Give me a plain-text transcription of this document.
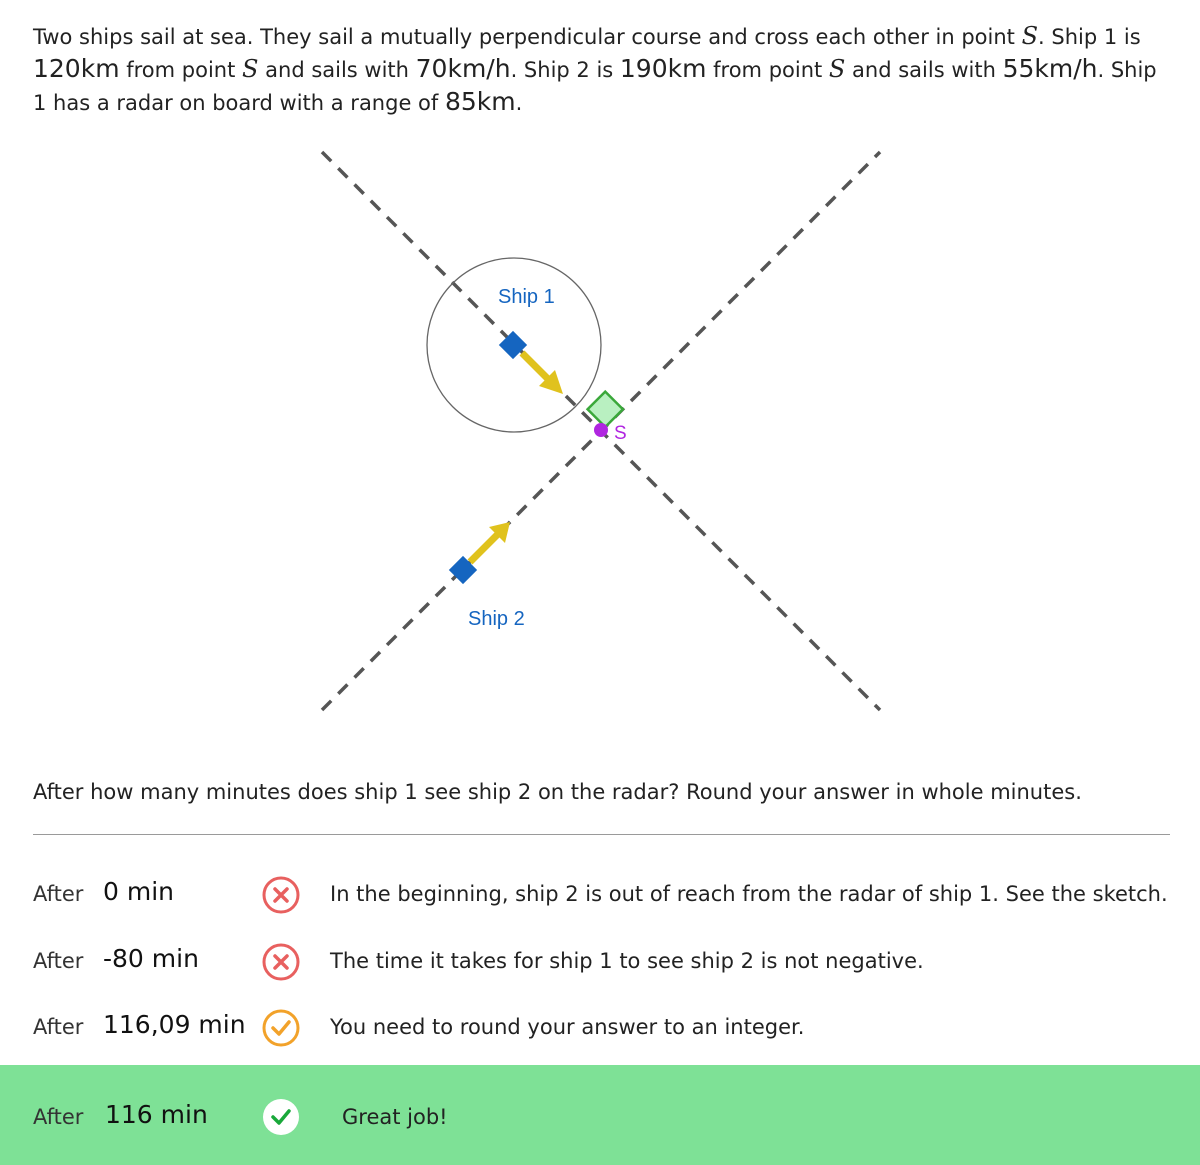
Two ships sail at sea. They sail a mutually perpendicular course and cross each other in point S. Ship 1 is 120km from point S and sails with 70km/h. Ship 2 is 190km from point S and sails with 55km/h. Ship 1 has a radar on board with a range of 85km.
S
Ship 1
Ship 2
After how many minutes does ship 1 see ship 2 on the radar? Round your answer in whole minutes.
After 0 min	In the beginning, ship 2 is out of reach from the radar of ship 1. See the sketch.
After -80 min	The time it takes for ship 1 to see ship 2 is not negative.
After 116,09 min	You need to round your answer to an integer.
After 116 min	Great job!
